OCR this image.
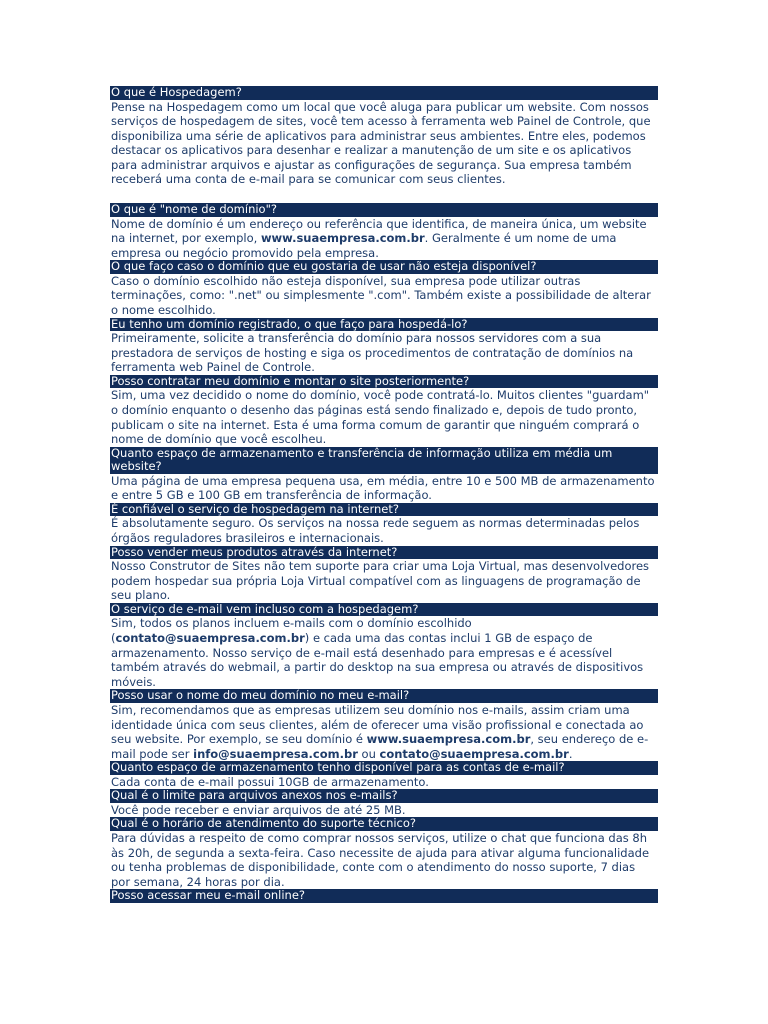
O que é Hospedagem?
Pense na Hospedagem como um local que você aluga para publicar um website. Com nossos serviços de hospedagem de sites, você tem acesso à ferramenta web Painel de Controle, que disponibiliza uma série de aplicativos para administrar seus ambientes. Entre eles, podemos destacar os aplicativos para desenhar e realizar a manutenção de um site e os aplicativos para administrar arquivos e ajustar as configurações de segurança. Sua empresa também receberá uma conta de e-mail para se comunicar com seus clientes.
O que é "nome de domínio"?
Nome de domínio é um endereço ou referência que identifica, de maneira única, um website na internet, por exemplo, www.suaempresa.com.br. Geralmente é um nome de uma empresa ou negócio promovido pela empresa.
O que faço caso o domínio que eu gostaria de usar não esteja disponível?
Caso o domínio escolhido não esteja disponível, sua empresa pode utilizar outras terminações, como: ".net" ou simplesmente ".com". Também existe a possibilidade de alterar o nome escolhido.
Eu tenho um domínio registrado, o que faço para hospedá-lo?
Primeiramente, solicite a transferência do domínio para nossos servidores com a sua prestadora de serviços de hosting e siga os procedimentos de contratação de domínios na ferramenta web Painel de Controle.
Posso contratar meu domínio e montar o site posteriormente?
Sim, uma vez decidido o nome do domínio, você pode contratá-lo. Muitos clientes "guardam" o domínio enquanto o desenho das páginas está sendo finalizado e, depois de tudo pronto, publicam o site na internet. Esta é uma forma comum de garantir que ninguém comprará o nome de domínio que você escolheu.
Quanto espaço de armazenamento e transferência de informação utiliza em média um website?
Uma página de uma empresa pequena usa, em média, entre 10 e 500 MB de armazenamento e entre 5 GB e 100 GB em transferência de informação.
É confiável o serviço de hospedagem na internet?
É absolutamente seguro. Os serviços na nossa rede seguem as normas determinadas pelos órgãos reguladores brasileiros e internacionais.
Posso vender meus produtos através da internet?
Nosso Construtor de Sites não tem suporte para criar uma Loja Virtual, mas desenvolvedores podem hospedar sua própria Loja Virtual compatível com as linguagens de programação de seu plano.
O serviço de e-mail vem incluso com a hospedagem?
Sim, todos os planos incluem e-mails com o domínio escolhido (contato@suaempresa.com.br) e cada uma das contas inclui 1 GB de espaço de armazenamento. Nosso serviço de e-mail está desenhado para empresas e é acessível também através do webmail, a partir do desktop na sua empresa ou através de dispositivos móveis.
Posso usar o nome do meu domínio no meu e-mail?
Sim, recomendamos que as empresas utilizem seu domínio nos e-mails, assim criam uma identidade única com seus clientes, além de oferecer uma visão profissional e conectada ao seu website. Por exemplo, se seu domínio é www.suaempresa.com.br, seu endereço de e-mail pode ser info@suaempresa.com.br ou contato@suaempresa.com.br.
Quanto espaço de armazenamento tenho disponível para as contas de e-mail?
Cada conta de e-mail possui 10GB de armazenamento.
Qual é o limite para arquivos anexos nos e-mails?
Você pode receber e enviar arquivos de até 25 MB.
Qual é o horário de atendimento do suporte técnico?
Para dúvidas a respeito de como comprar nossos serviços, utilize o chat que funciona das 8h às 20h, de segunda a sexta-feira. Caso necessite de ajuda para ativar alguma funcionalidade ou tenha problemas de disponibilidade, conte com o atendimento do nosso suporte, 7 dias por semana, 24 horas por dia.
Posso acessar meu e-mail online?
